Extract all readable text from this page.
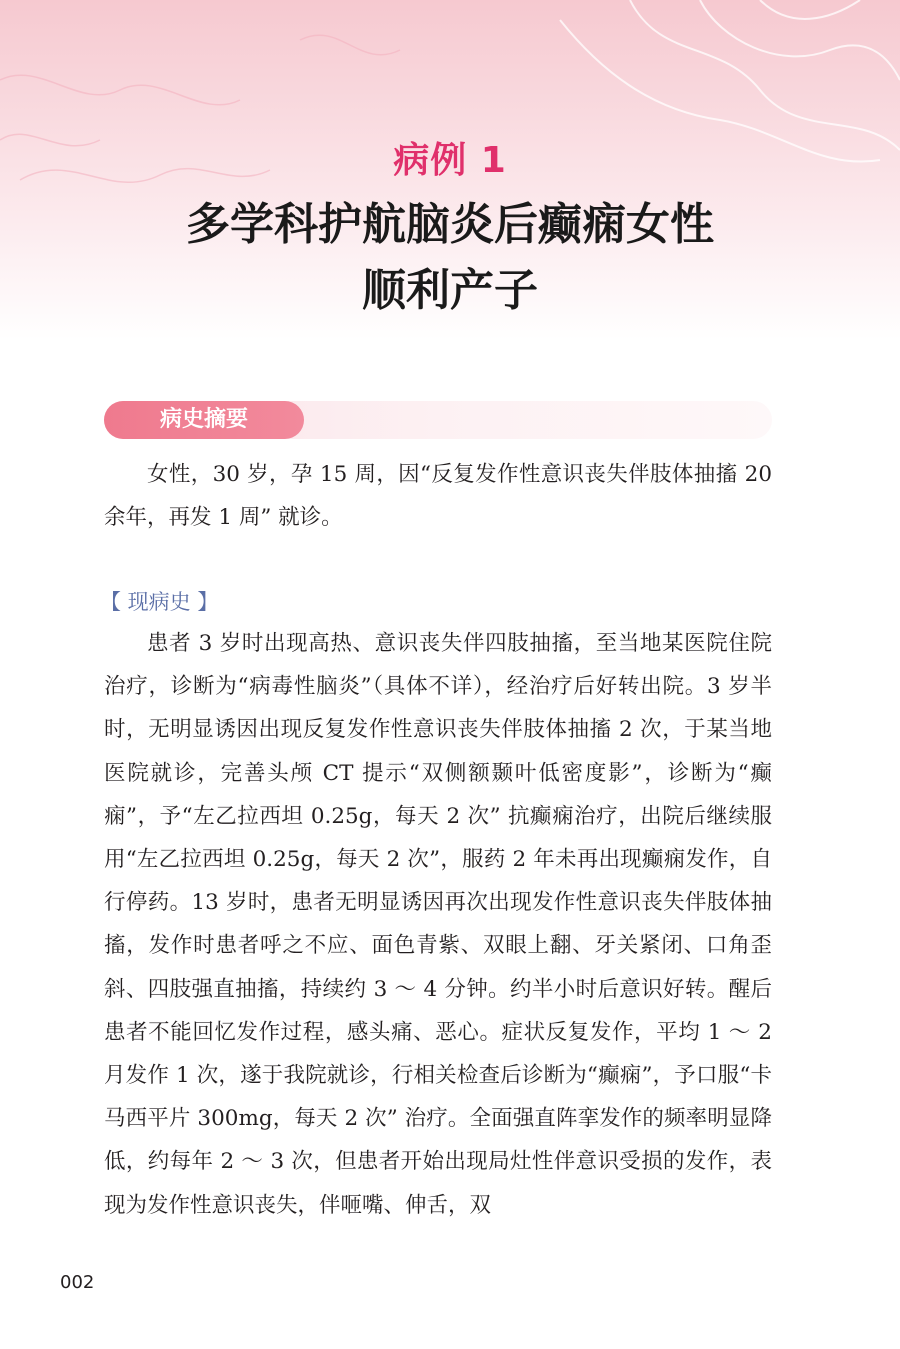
病例 1
多学科护航脑炎后癫痫女性
顺利产子
病史摘要

女性，30 岁，孕 15 周，因“反复发作性意识丧失伴肢体抽搐 20 余年，再发 1 周” 就诊。

【 现病史 】

患者 3 岁时出现高热、意识丧失伴四肢抽搐，至当地某医院住院治疗，诊断为“病毒性脑炎”（具体不详），经治疗后好转出院。3 岁半时，无明显诱因出现反复发作性意识丧失伴肢体抽搐 2 次，于某当地医院就诊，完善头颅 CT 提示“双侧额颞叶低密度影”，诊断为“癫痫”，予“左乙拉西坦 0.25g，每天 2 次” 抗癫痫治疗，出院后继续服用“左乙拉西坦 0.25g，每天 2 次”，服药 2 年未再出现癫痫发作，自行停药。13 岁时，患者无明显诱因再次出现发作性意识丧失伴肢体抽搐，发作时患者呼之不应、面色青紫、双眼上翻、牙关紧闭、口角歪斜、四肢强直抽搐，持续约 3 ～ 4 分钟。约半小时后意识好转。醒后患者不能回忆发作过程，感头痛、恶心。症状反复发作，平均 1 ～ 2 月发作 1 次，遂于我院就诊，行相关检查后诊断为“癫痫”，予口服“卡马西平片 300mg，每天 2 次” 治疗。全面强直阵挛发作的频率明显降低，约每年 2 ～ 3 次，但患者开始出现局灶性伴意识受损的发作，表现为发作性意识丧失，伴咂嘴、伸舌，双

002
